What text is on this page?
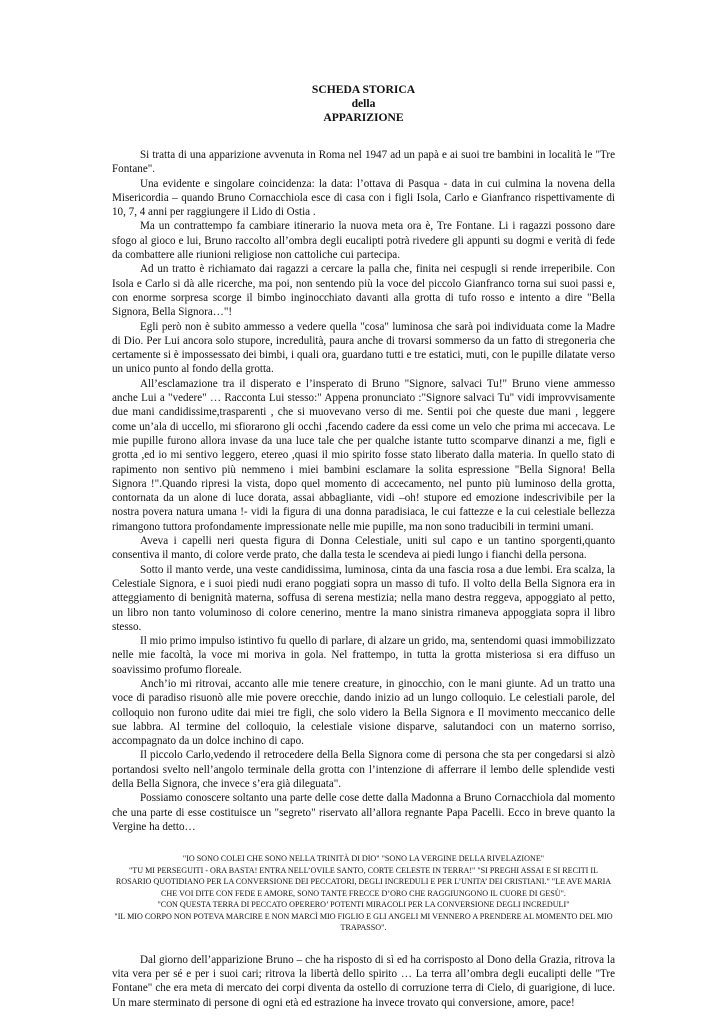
SCHEDA STORICA

della

APPARIZIONE

Si tratta di una apparizione avvenuta in Roma nel 1947 ad un papà e ai suoi tre bambini in località le "Tre Fontane".

Una evidente e singolare coincidenza: la data: l’ottava di Pasqua - data in cui culmina la novena della Misericordia – quando Bruno Cornacchiola esce di casa con i figli Isola, Carlo e Gianfranco rispettivamente di 10, 7, 4 anni per raggiungere il Lido di Ostia .

Ma un contrattempo fa cambiare itinerario la nuova meta ora è, Tre Fontane. Li i ragazzi possono dare sfogo al gioco e lui, Bruno raccolto all’ombra degli eucalipti potrà rivedere gli appunti su dogmi e verità di fede da combattere alle riunioni religiose non cattoliche cui partecipa.

Ad un tratto è richiamato dai ragazzi a cercare la palla che, finita nei cespugli si rende irreperibile. Con Isola e Carlo si dà alle ricerche, ma poi, non sentendo più la voce del piccolo Gianfranco torna sui suoi passi e, con enorme sorpresa scorge il bimbo inginocchiato davanti alla grotta di tufo rosso e intento a dire "Bella Signora, Bella Signora…"!

Egli però non è subito ammesso a vedere quella "cosa" luminosa che sarà poi individuata come la Madre di Dio. Per Lui ancora solo stupore, incredulità, paura anche di trovarsi sommerso da un fatto di stregoneria che certamente si è impossessato dei bimbi, i quali ora, guardano tutti e tre estatici, muti, con le pupille dilatate verso un unico punto al fondo della grotta.

All’esclamazione tra il disperato e l’insperato di Bruno "Signore, salvaci Tu!" Bruno viene ammesso anche Lui a "vedere" … Racconta Lui stesso:" Appena pronunciato :"Signore salvaci Tu" vidi improvvisamente due mani candidissime,trasparenti , che si muovevano verso di me. Sentii poi che queste due mani , leggere come un’ala di uccello, mi sfiorarono gli occhi ,facendo cadere da essi come un velo che prima mi accecava. Le mie pupille furono allora invase da una luce tale che per qualche istante tutto scomparve dinanzi a me, figli e grotta ,ed io mi sentivo leggero, etereo ,quasi il mio spirito fosse stato liberato dalla materia. In quello stato di rapimento non sentivo più nemmeno i miei bambini esclamare la solita espressione "Bella Signora! Bella Signora !".Quando ripresi la vista, dopo quel momento di accecamento, nel punto più luminoso della grotta, contornata da un alone di luce dorata, assai abbagliante, vidi –oh! stupore ed emozione indescrivibile per la nostra povera natura umana !- vidi la figura di una donna paradisiaca, le cui fattezze e la cui celestiale bellezza rimangono tuttora profondamente impressionate nelle mie pupille, ma non sono traducibili in termini umani.

Aveva i capelli neri questa figura di Donna Celestiale, uniti sul capo e un tantino sporgenti,quanto consentiva il manto, di colore verde prato, che dalla testa le scendeva ai piedi lungo i fianchi della persona.

Sotto il manto verde, una veste candidissima, luminosa, cinta da una fascia rosa a due lembi. Era scalza, la Celestiale Signora, e i suoi piedi nudi erano poggiati sopra un masso di tufo. Il volto della Bella Signora era in atteggiamento di benignità materna, soffusa di serena mestizia; nella mano destra reggeva, appoggiato al petto, un libro non tanto voluminoso di colore cenerino, mentre la mano sinistra rimaneva appoggiata sopra il libro stesso.

Il mio primo impulso istintivo fu quello di parlare, di alzare un grido, ma, sentendomi quasi immobilizzato nelle mie facoltà, la voce mi moriva in gola. Nel frattempo, in tutta la grotta misteriosa si era diffuso un soavissimo profumo floreale.

Anch’io mi ritrovai, accanto alle mie tenere creature, in ginocchio, con le mani giunte. Ad un tratto una voce di paradiso risuonò alle mie povere orecchie, dando inizio ad un lungo colloquio. Le celestiali parole, del colloquio non furono udite dai miei tre figli, che solo videro la Bella Signora e Il movimento meccanico delle sue labbra. Al termine del colloquio, la celestiale visione disparve, salutandoci con un materno sorriso, accompagnato da un dolce inchino di capo.

Il piccolo Carlo,vedendo il retrocedere della Bella Signora come di persona che sta per congedarsi si alzò portandosi svelto nell’angolo terminale della grotta con l’intenzione di afferrare il lembo delle splendide vesti della Bella Signora, che invece s’era già dileguata".

Possiamo conoscere soltanto una parte delle cose dette dalla Madonna a Bruno Cornacchiola dal momento che una parte di esse costituisce un "segreto" riservato all’allora regnante Papa Pacelli. Ecco in breve quanto la Vergine ha detto…

"IO SONO COLEI CHE SONO NELLA TRINITÀ DI DIO" "SONO LA VERGINE DELLA RIVELAZIONE"

"TU MI PERSEGUITI - ORA BASTA! ENTRA NELL’OVILE SANTO, CORTE CELESTE IN TERRA!" "SI PREGHI ASSAI E SI RECITI IL ROSARIO QUOTIDIANO PER LA CONVERSIONE DEI PECCATORI, DEGLI INCREDULI E PER L’UNITA’ DEI CRISTIANI." "LE AVE MARIA CHE VOI DITE CON FEDE E AMORE, SONO TANTE FRECCE D’ORO CHE RAGGIUNGONO IL CUORE DI GESÙ".

"CON QUESTA TERRA DI PECCATO OPERERO’ POTENTI MIRACOLI PER LA CONVERSIONE DEGLI INCREDULI"

"IL MIO CORPO NON POTEVA MARCIRE E NON MARCÌ MIO FIGLIO E GLI ANGELI MI VENNERO A PRENDERE AL MOMENTO DEL MIO TRAPASSO".

Dal giorno dell’apparizione Bruno – che ha risposto di sì ed ha corrisposto al Dono della Grazia, ritrova la vita vera per sé e per i suoi cari; ritrova la libertà dello spirito … La terra all’ombra degli eucalipti delle "Tre Fontane" che era meta di mercato dei corpi diventa da ostello di corruzione terra di Cielo, di guarigione, di luce. Un mare sterminato di persone di ogni età ed estrazione ha invece trovato qui conversione, amore, pace!
